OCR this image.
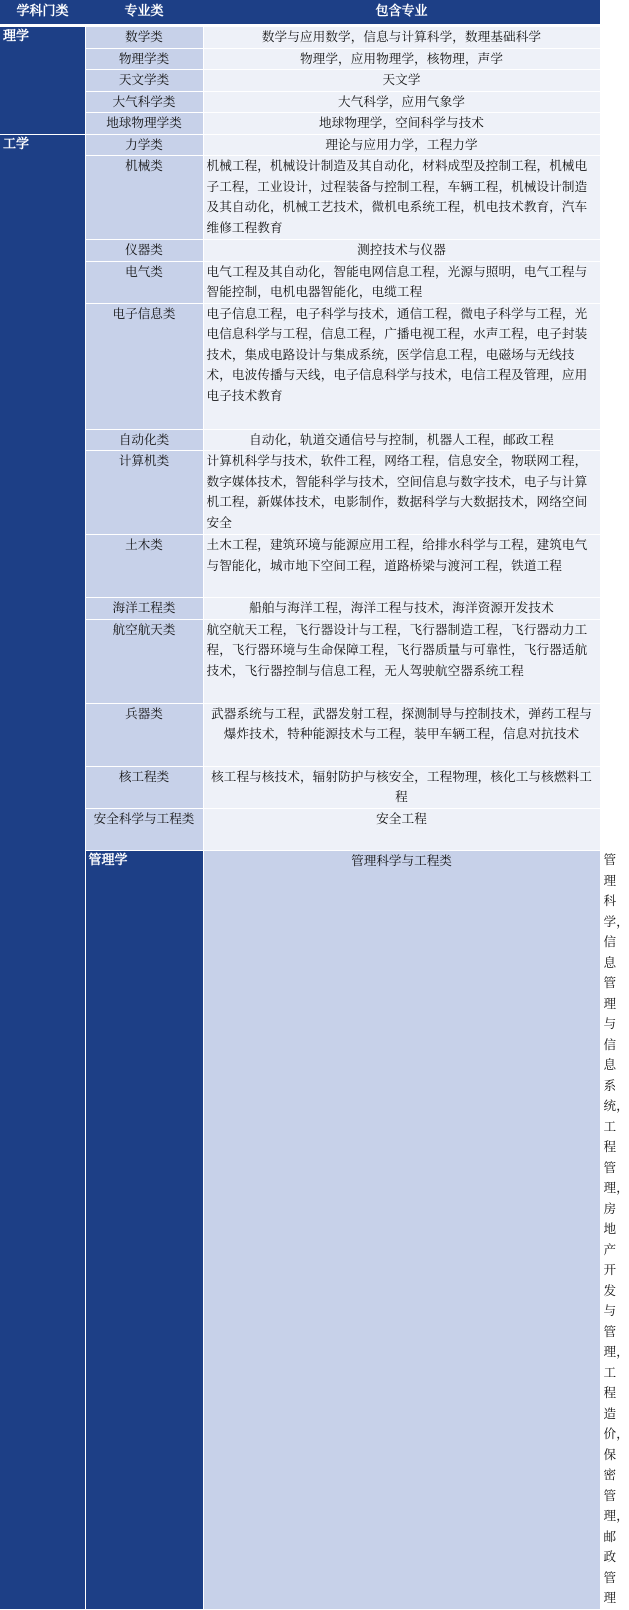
学科门类	专业类	包含专业	
理学	数学类	数学与应用数学，信息与计算科学，数理基础科学	
	物理学类	物理学，应用物理学，核物理，声学	
	天文学类	天文学	
	大气科学类	大气科学，应用气象学	
	地球物理学类	地球物理学，空间科学与技术	
工学	力学类	理论与应用力学，工程力学	
	机械类	机械工程，机械设计制造及其自动化，材料成型及控制工程，机械电子工程，工业设计，过程装备与控制工程，车辆工程，机械设计制造及其自动化，机械工艺技术，微机电系统工程，机电技术教育，汽车维修工程教育	
	仪器类	测控技术与仪器	
	电气类	电气工程及其自动化，智能电网信息工程，光源与照明，电气工程与智能控制，电机电器智能化，电缆工程	
	电子信息类	电子信息工程，电子科学与技术，通信工程，微电子科学与工程，光电信息科学与工程，信息工程，广播电视工程，水声工程，电子封装技术，集成电路设计与集成系统，医学信息工程，电磁场与无线技术，电波传播与天线，电子信息科学与技术，电信工程及管理，应用电子技术教育	
	自动化类	自动化，轨道交通信号与控制，机器人工程，邮政工程	
	计算机类	计算机科学与技术，软件工程，网络工程，信息安全，物联网工程，数字媒体技术，智能科学与技术，空间信息与数字技术，电子与计算机工程，新媒体技术，电影制作，数据科学与大数据技术，网络空间安全	
	土木类	土木工程，建筑环境与能源应用工程，给排水科学与工程，建筑电气与智能化，城市地下空间工程，道路桥梁与渡河工程，铁道工程	
	海洋工程类	船舶与海洋工程，海洋工程与技术，海洋资源开发技术	
	航空航天类	航空航天工程，飞行器设计与工程，飞行器制造工程，飞行器动力工程，飞行器环境与生命保障工程，飞行器质量与可靠性，飞行器适航技术，飞行器控制与信息工程，无人驾驶航空器系统工程	
	兵器类	武器系统与工程，武器发射工程，探测制导与控制技术，弹药工程与爆炸技术，特种能源技术与工程，装甲车辆工程，信息对抗技术	
	核工程类	核工程与核技术，辐射防护与核安全，工程物理，核化工与核燃料工程	
	安全科学与工程类	安全工程	
	管理学	管理科学与工程类	管理科学，信息管理与信息系统，工程管理，房地产开发与管理，工程造价，保密管理，邮政管理
